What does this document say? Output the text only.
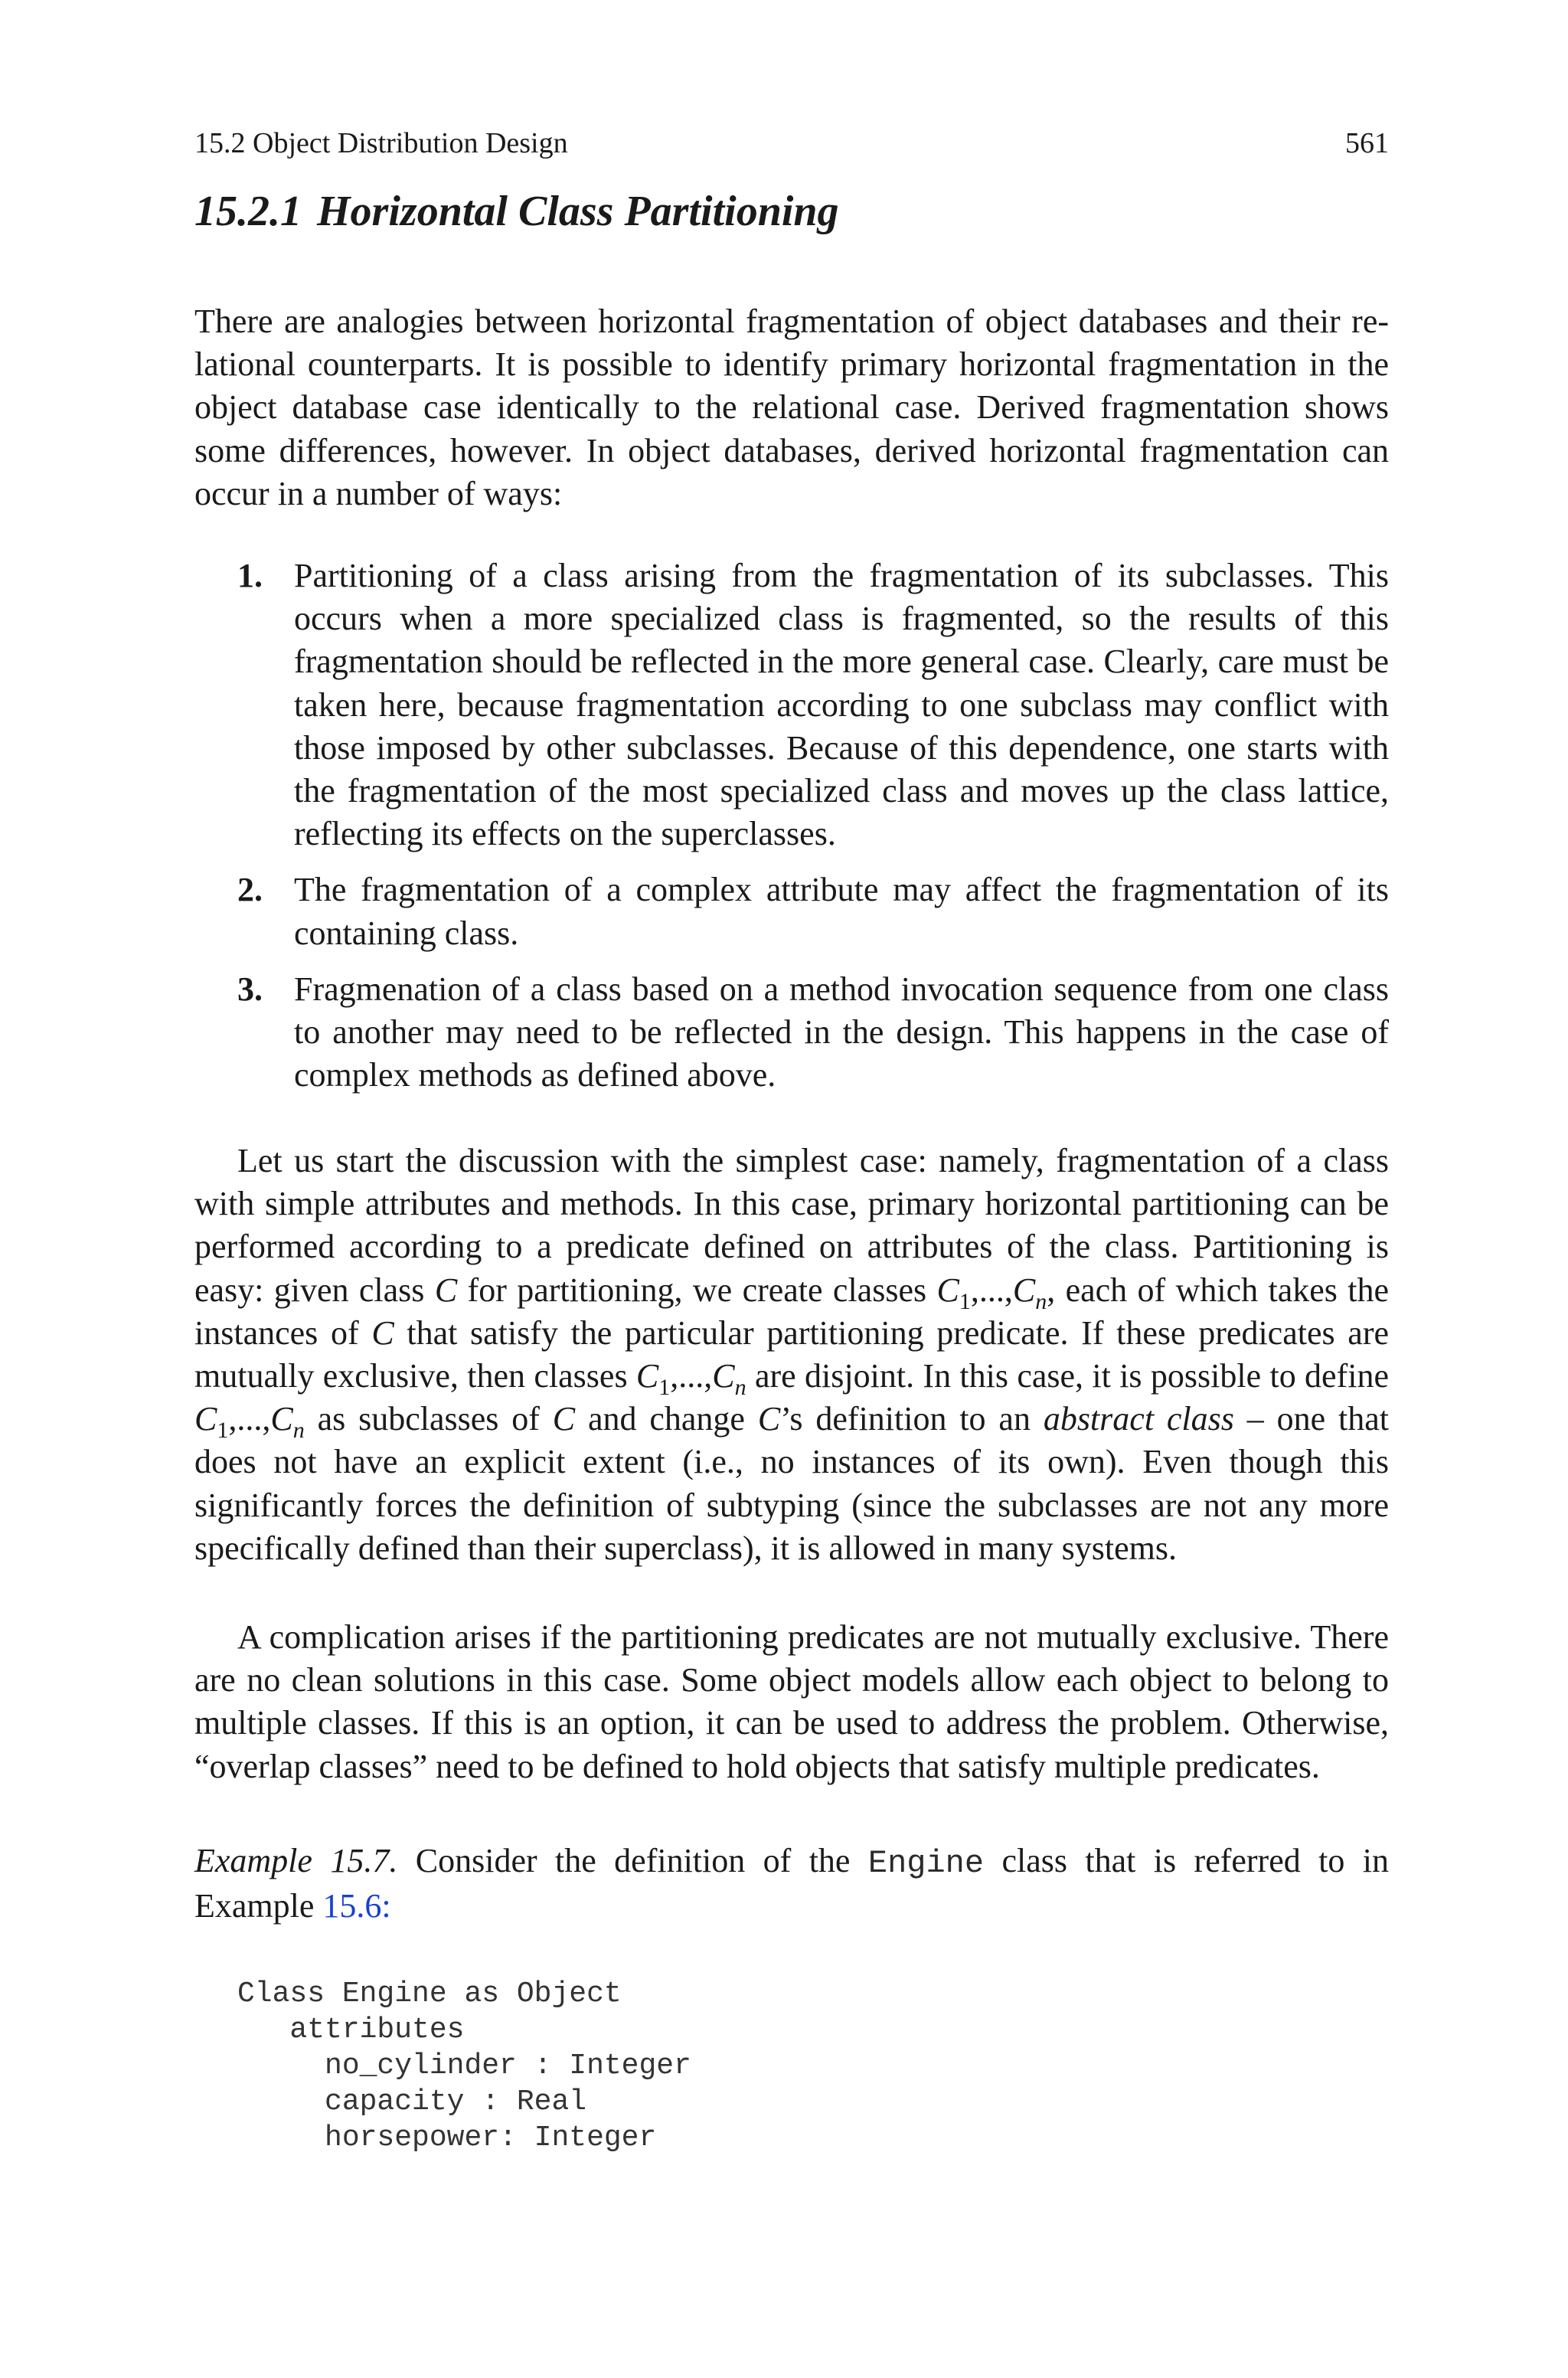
15.2 Object Distribution Design	561
15.2.1 Horizontal Class Partitioning

There are analogies between horizontal fragmentation of object databases and their re-lational counterparts. It is possible to identify primary horizontal fragmentation in the object database case identically to the relational case. Derived fragmentation shows some differences, however. In object databases, derived horizontal fragmentation can occur in a number of ways:

1. Partitioning of a class arising from the fragmentation of its subclasses. This occurs when a more specialized class is fragmented, so the results of this fragmentation should be reflected in the more general case. Clearly, care must be taken here, because fragmentation according to one subclass may conflict with those imposed by other subclasses. Because of this dependence, one starts with the fragmentation of the most specialized class and moves up the class lattice, reflecting its effects on the superclasses.
2. The fragmentation of a complex attribute may affect the fragmentation of its containing class.
3. Fragmenation of a class based on a method invocation sequence from one class to another may need to be reflected in the design. This happens in the case of complex methods as defined above.

Let us start the discussion with the simplest case: namely, fragmentation of a class with simple attributes and methods. In this case, primary horizontal partitioning can be performed according to a predicate defined on attributes of the class. Partitioning is easy: given class C for partitioning, we create classes $C_1,...,C_n$, each of which takes the instances of C that satisfy the particular partitioning predicate. If these predicates are mutually exclusive, then classes $C_1,...,C_n$ are disjoint. In this case, it is possible to define $C_1,...,C_n$ as subclasses of C and change C’s definition to an abstract class – one that does not have an explicit extent (i.e., no instances of its own). Even though this significantly forces the definition of subtyping (since the subclasses are not any more specifically defined than their superclass), it is allowed in many systems.

A complication arises if the partitioning predicates are not mutually exclusive. There are no clean solutions in this case. Some object models allow each object to belong to multiple classes. If this is an option, it can be used to address the problem. Otherwise, “overlap classes” need to be defined to hold objects that satisfy multiple predicates.

Example 15.7. Consider the definition of the Engine class that is referred to in Example 15.6:

Class Engine as Object
attributes
no_cylinder : Integer
capacity : Real
horsepower: Integer
